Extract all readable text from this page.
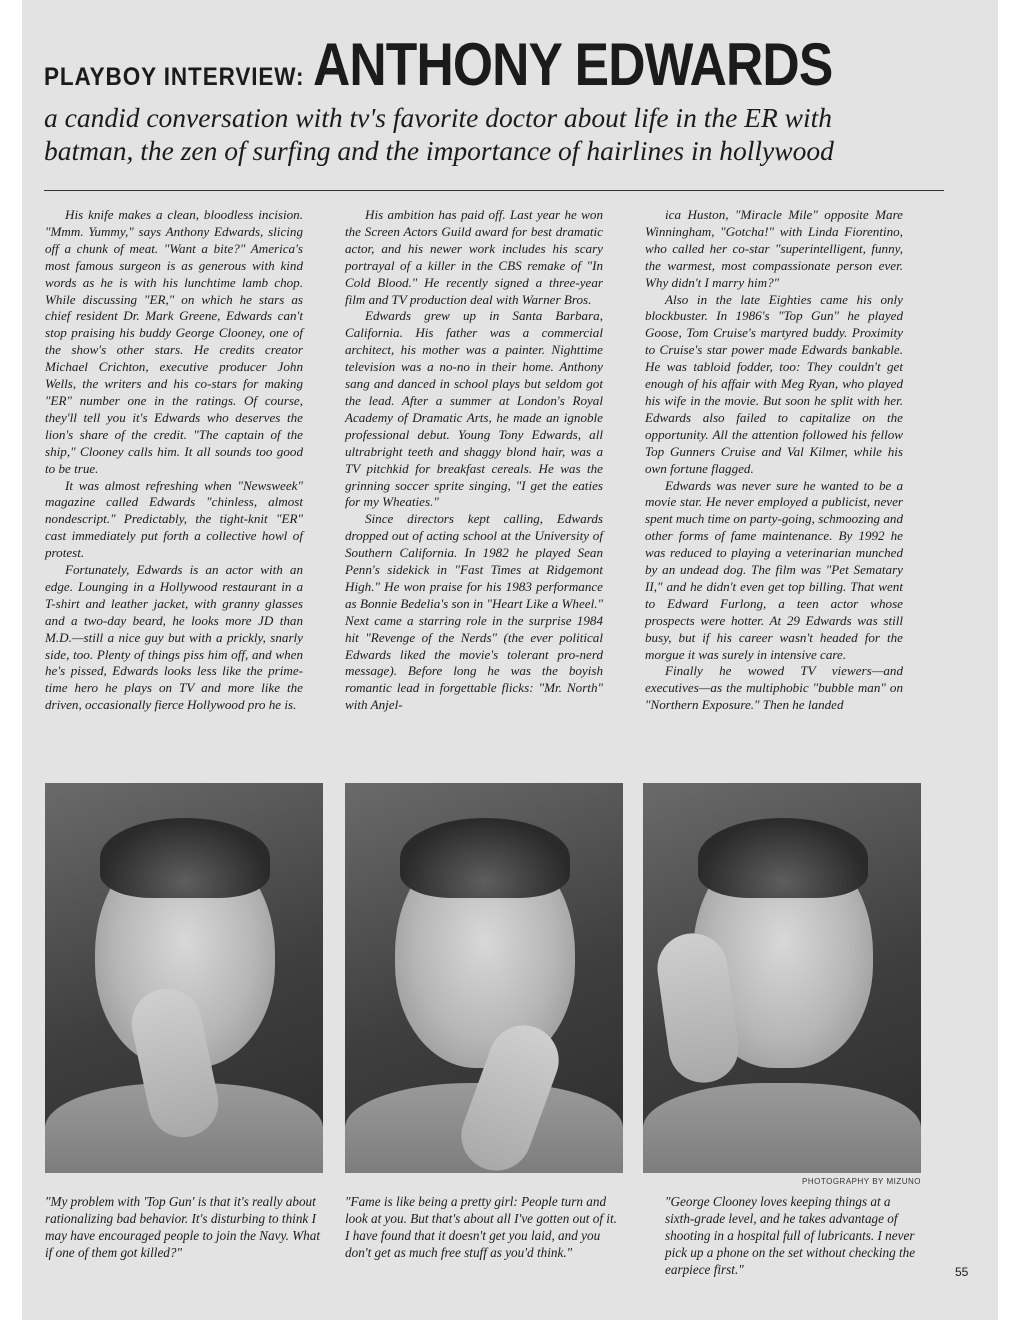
PLAYBOY INTERVIEW: ANTHONY EDWARDS
a candid conversation with tv's favorite doctor about life in the ER with
batman, the zen of surfing and the importance of hairlines in hollywood

His knife makes a clean, bloodless incision. "Mmm. Yummy," says Anthony Edwards, slicing off a chunk of meat. "Want a bite?" America's most famous surgeon is as generous with kind words as he is with his lunchtime lamb chop. While discussing "ER," on which he stars as chief resident Dr. Mark Greene, Edwards can't stop praising his buddy George Clooney, one of the show's other stars. He credits creator Michael Crichton, executive producer John Wells, the writers and his co-stars for making "ER" number one in the ratings. Of course, they'll tell you it's Edwards who deserves the lion's share of the credit. "The captain of the ship," Clooney calls him. It all sounds too good to be true.

It was almost refreshing when "Newsweek" magazine called Edwards "chinless, almost nondescript." Predictably, the tight-knit "ER" cast immediately put forth a collective howl of protest.

Fortunately, Edwards is an actor with an edge. Lounging in a Hollywood restaurant in a T-shirt and leather jacket, with granny glasses and a two-day beard, he looks more JD than M.D.—still a nice guy but with a prickly, snarly side, too. Plenty of things piss him off, and when he's pissed, Edwards looks less like the prime-time hero he plays on TV and more like the driven, occasionally fierce Hollywood pro he is.

His ambition has paid off. Last year he won the Screen Actors Guild award for best dramatic actor, and his newer work includes his scary portrayal of a killer in the CBS remake of "In Cold Blood." He recently signed a three-year film and TV production deal with Warner Bros.

Edwards grew up in Santa Barbara, California. His father was a commercial architect, his mother was a painter. Nighttime television was a no-no in their home. Anthony sang and danced in school plays but seldom got the lead. After a summer at London's Royal Academy of Dramatic Arts, he made an ignoble professional debut. Young Tony Edwards, all ultrabright teeth and shaggy blond hair, was a TV pitchkid for breakfast cereals. He was the grinning soccer sprite singing, "I get the eaties for my Wheaties."

Since directors kept calling, Edwards dropped out of acting school at the University of Southern California. In 1982 he played Sean Penn's sidekick in "Fast Times at Ridgemont High." He won praise for his 1983 performance as Bonnie Bedelia's son in "Heart Like a Wheel." Next came a starring role in the surprise 1984 hit "Revenge of the Nerds" (the ever political Edwards liked the movie's tolerant pro-nerd message). Before long he was the boyish romantic lead in forgettable flicks: "Mr. North" with Anjel-

ica Huston, "Miracle Mile" opposite Mare Winningham, "Gotcha!" with Linda Fiorentino, who called her co-star "superintelligent, funny, the warmest, most compassionate person ever. Why didn't I marry him?"

Also in the late Eighties came his only blockbuster. In 1986's "Top Gun" he played Goose, Tom Cruise's martyred buddy. Proximity to Cruise's star power made Edwards bankable. He was tabloid fodder, too: They couldn't get enough of his affair with Meg Ryan, who played his wife in the movie. But soon he split with her. Edwards also failed to capitalize on the opportunity. All the attention followed his fellow Top Gunners Cruise and Val Kilmer, while his own fortune flagged.

Edwards was never sure he wanted to be a movie star. He never employed a publicist, never spent much time on party-going, schmoozing and other forms of fame maintenance. By 1992 he was reduced to playing a veterinarian munched by an undead dog. The film was "Pet Sematary II," and he didn't even get top billing. That went to Edward Furlong, a teen actor whose prospects were hotter. At 29 Edwards was still busy, but if his career wasn't headed for the morgue it was surely in intensive care.

Finally he wowed TV viewers—and executives—as the multiphobic "bubble man" on "Northern Exposure." Then he landed

PHOTOGRAPHY BY MIZUNO
"My problem with 'Top Gun' is that it's really about rationalizing bad behavior. It's disturbing to think I may have encouraged people to join the Navy. What if one of them got killed?"
"Fame is like being a pretty girl: People turn and look at you. But that's about all I've gotten out of it. I have found that it doesn't get you laid, and you don't get as much free stuff as you'd think."
"George Clooney loves keeping things at a sixth-grade level, and he takes advantage of shooting in a hospital full of lubricants. I never pick up a phone on the set without checking the earpiece first."	55
